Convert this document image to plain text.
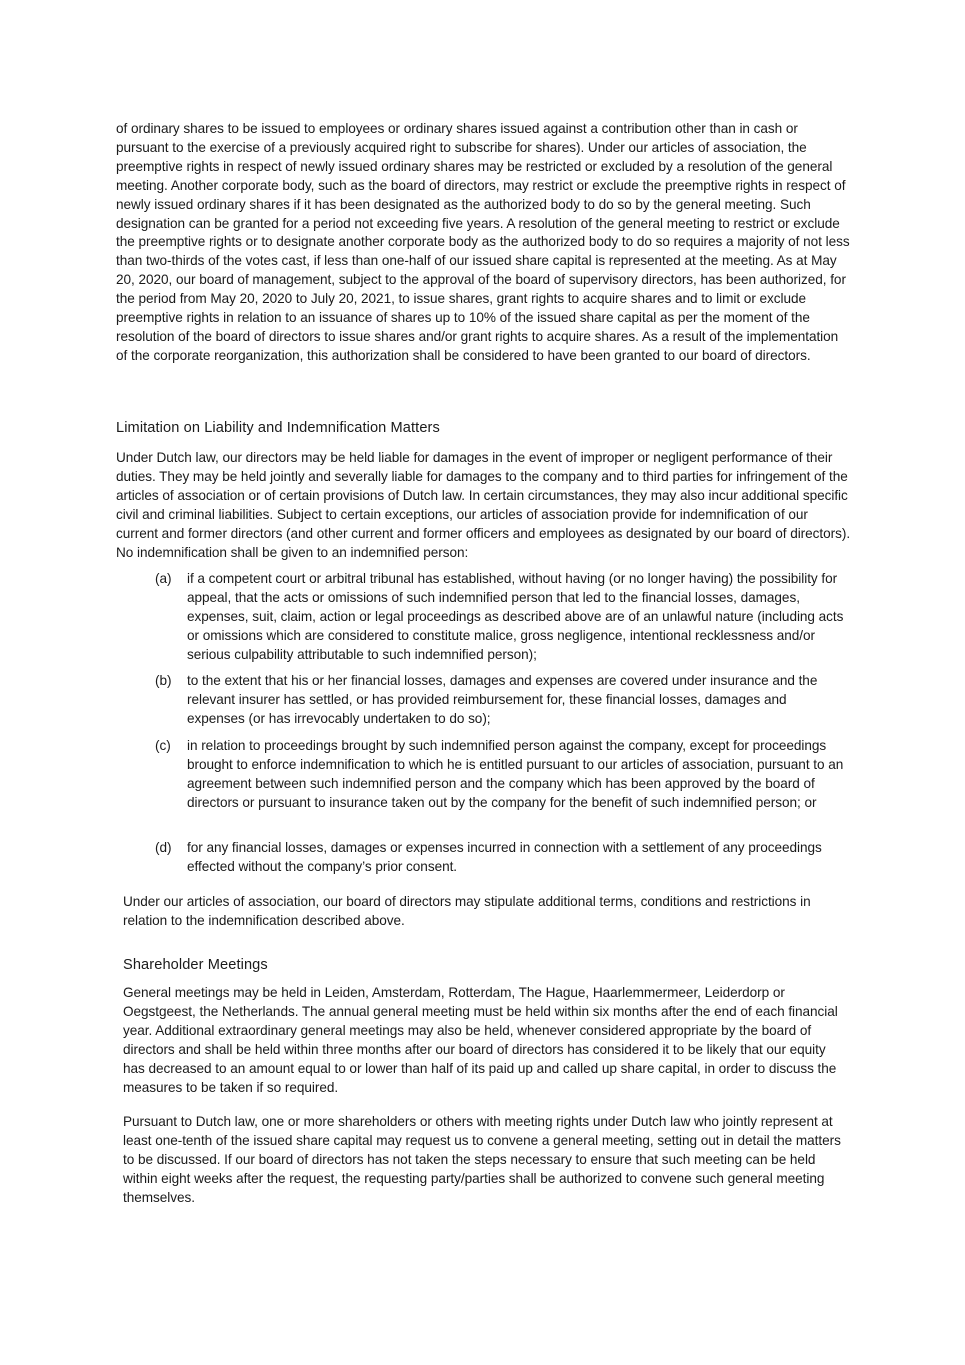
of ordinary shares to be issued to employees or ordinary shares issued against a contribution other than in cash or pursuant to the exercise of a previously acquired right to subscribe for shares). Under our articles of association, the preemptive rights in respect of newly issued ordinary shares may be restricted or excluded by a resolution of the general meeting. Another corporate body, such as the board of directors, may restrict or exclude the preemptive rights in respect of newly issued ordinary shares if it has been designated as the authorized body to do so by the general meeting. Such designation can be granted for a period not exceeding five years. A resolution of the general meeting to restrict or exclude the preemptive rights or to designate another corporate body as the authorized body to do so requires a majority of not less than two-thirds of the votes cast, if less than one-half of our issued share capital is represented at the meeting. As at May 20, 2020, our board of management, subject to the approval of the board of supervisory directors, has been authorized, for the period from May 20, 2020 to July 20, 2021, to issue shares, grant rights to acquire shares and to limit or exclude preemptive rights in relation to an issuance of shares up to 10% of the issued share capital as per the moment of the resolution of the board of directors to issue shares and/or grant rights to acquire shares. As a result of the implementation of the corporate reorganization, this authorization shall be considered to have been granted to our board of directors.

Limitation on Liability and Indemnification Matters

Under Dutch law, our directors may be held liable for damages in the event of improper or negligent performance of their duties. They may be held jointly and severally liable for damages to the company and to third parties for infringement of the articles of association or of certain provisions of Dutch law. In certain circumstances, they may also incur additional specific civil and criminal liabilities. Subject to certain exceptions, our articles of association provide for indemnification of our current and former directors (and other current and former officers and employees as designated by our board of directors). No indemnification shall be given to an indemnified person:

(a)	if a competent court or arbitral tribunal has established, without having (or no longer having) the possibility for appeal, that the acts or omissions of such indemnified person that led to the financial losses, damages, expenses, suit, claim, action or legal proceedings as described above are of an unlawful nature (including acts or omissions which are considered to constitute malice, gross negligence, intentional recklessness and/or serious culpability attributable to such indemnified person);
(b)	to the extent that his or her financial losses, damages and expenses are covered under insurance and the relevant insurer has settled, or has provided reimbursement for, these financial losses, damages and expenses (or has irrevocably undertaken to do so);
(c)	in relation to proceedings brought by such indemnified person against the company, except for proceedings brought to enforce indemnification to which he is entitled pursuant to our articles of association, pursuant to an agreement between such indemnified person and the company which has been approved by the board of directors or pursuant to insurance taken out by the company for the benefit of such indemnified person; or
(d)	for any financial losses, damages or expenses incurred in connection with a settlement of any proceedings effected without the company’s prior consent.

Under our articles of association, our board of directors may stipulate additional terms, conditions and restrictions in relation to the indemnification described above.

Shareholder Meetings

General meetings may be held in Leiden, Amsterdam, Rotterdam, The Hague, Haarlemmermeer, Leiderdorp or Oegstgeest, the Netherlands. The annual general meeting must be held within six months after the end of each financial year. Additional extraordinary general meetings may also be held, whenever considered appropriate by the board of directors and shall be held within three months after our board of directors has considered it to be likely that our equity has decreased to an amount equal to or lower than half of its paid up and called up share capital, in order to discuss the measures to be taken if so required.

Pursuant to Dutch law, one or more shareholders or others with meeting rights under Dutch law who jointly represent at least one-tenth of the issued share capital may request us to convene a general meeting, setting out in detail the matters to be discussed. If our board of directors has not taken the steps necessary to ensure that such meeting can be held within eight weeks after the request, the requesting party/parties shall be authorized to convene such general meeting themselves.
